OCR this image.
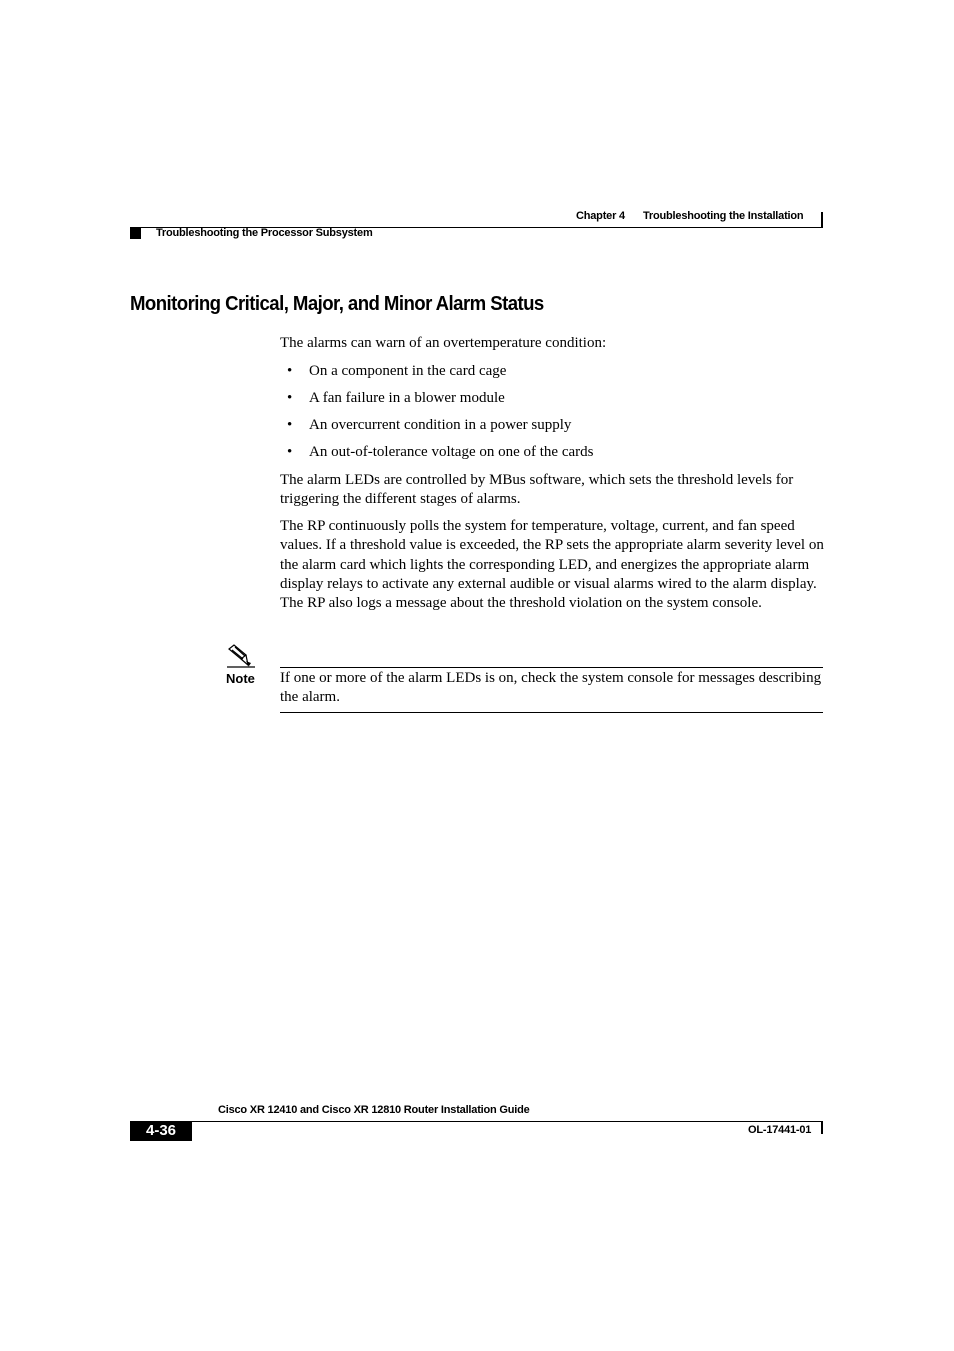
Chapter 4 Troubleshooting the Installation
Troubleshooting the Processor Subsystem
Monitoring Critical, Major, and Minor Alarm Status

The alarms can warn of an overtemperature condition:

• On a component in the card cage
• A fan failure in a blower module
• An overcurrent condition in a power supply
• An out-of-tolerance voltage on one of the cards

The alarm LEDs are controlled by MBus software, which sets the threshold levels for triggering the different stages of alarms.

The RP continuously polls the system for temperature, voltage, current, and fan speed values. If a threshold value is exceeded, the RP sets the appropriate alarm severity level on the alarm card which lights the corresponding LED, and energizes the appropriate alarm display relays to activate any external audible or visual alarms wired to the alarm display. The RP also logs a message about the threshold violation on the system console.

Note If one or more of the alarm LEDs is on, check the system console for messages describing the alarm.

Cisco XR 12410 and Cisco XR 12810 Router Installation Guide
4-36	OL-17441-01
